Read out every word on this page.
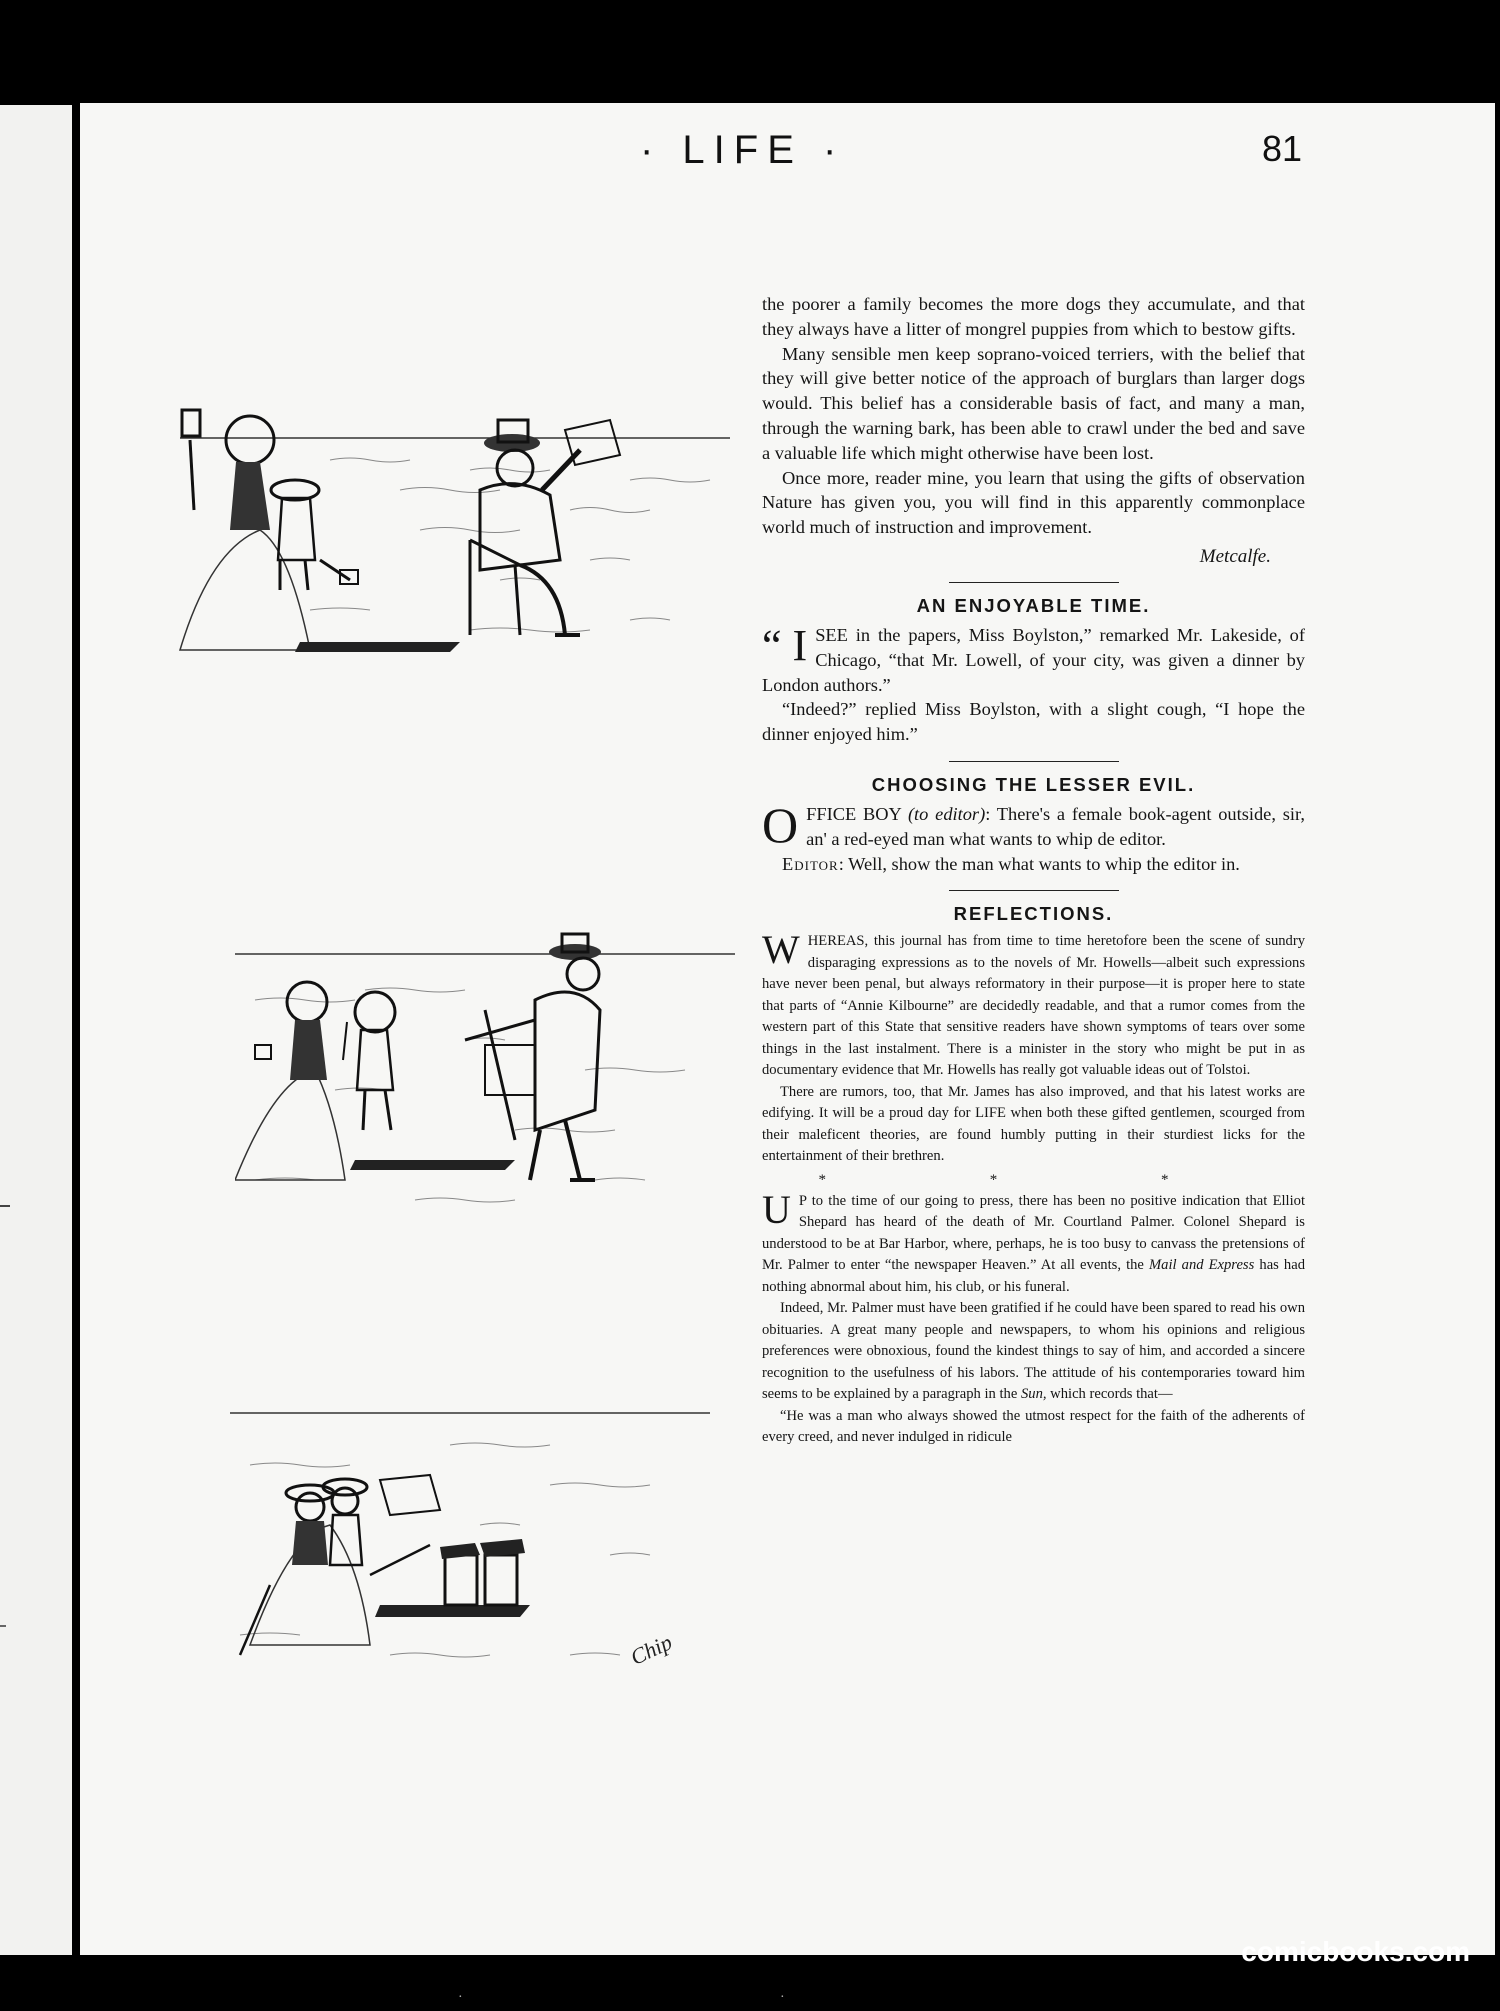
· LIFE ·	81
Chip

the poorer a family becomes the more dogs they accumulate, and that they always have a litter of mongrel puppies from which to bestow gifts.

Many sensible men keep soprano-voiced terriers, with the belief that they will give better notice of the approach of burglars than larger dogs would. This belief has a considerable basis of fact, and many a man, through the warning bark, has been able to crawl under the bed and save a valuable life which might otherwise have been lost.

Once more, reader mine, you learn that using the gifts of observation Nature has given you, you will find in this apparently commonplace world much of instruction and improvement.

Metcalfe.
AN ENJOYABLE TIME.

“ I SEE in the papers, Miss Boylston,” remarked Mr. Lakeside, of Chicago, “that Mr. Lowell, of your city, was given a dinner by London authors.”

“Indeed?” replied Miss Boylston, with a slight cough, “I hope the dinner enjoyed him.”

CHOOSING THE LESSER EVIL.

OFFICE BOY (to editor): There's a female book-agent outside, sir, an' a red-eyed man what wants to whip de editor.

Editor: Well, show the man what wants to whip the editor in.

REFLECTIONS.

WHEREAS, this journal has from time to time heretofore been the scene of sundry disparaging expressions as to the novels of Mr. Howells—albeit such expressions have never been penal, but always reformatory in their purpose—it is proper here to state that parts of “Annie Kilbourne” are decidedly readable, and that a rumor comes from the western part of this State that sensitive readers have shown symptoms of tears over some things in the last instalment. There is a minister in the story who might be put in as documentary evidence that Mr. Howells has really got valuable ideas out of Tolstoi.

There are rumors, too, that Mr. James has also improved, and that his latest works are edifying. It will be a proud day for LIFE when both these gifted gentlemen, scourged from their maleficent theories, are found humbly putting in their sturdiest licks for the entertainment of their brethren.

* * *

U P to the time of our going to press, there has been no positive indication that Elliot Shepard has heard of the death of Mr. Courtland Palmer. Colonel Shepard is understood to be at Bar Harbor, where, perhaps, he is too busy to canvass the pretensions of Mr. Palmer to enter “the newspaper Heaven.” At all events, the Mail and Express has had nothing abnormal about him, his club, or his funeral.

Indeed, Mr. Palmer must have been gratified if he could have been spared to read his own obituaries. A great many people and newspapers, to whom his opinions and religious preferences were obnoxious, found the kindest things to say of him, and accorded a sincere recognition to the usefulness of his labors. The attitude of his contemporaries toward him seems to be explained by a paragraph in the Sun, which records that—

“He was a man who always showed the utmost respect for the faith of the adherents of every creed, and never indulged in ridicule

comicbooks.com
·	·
